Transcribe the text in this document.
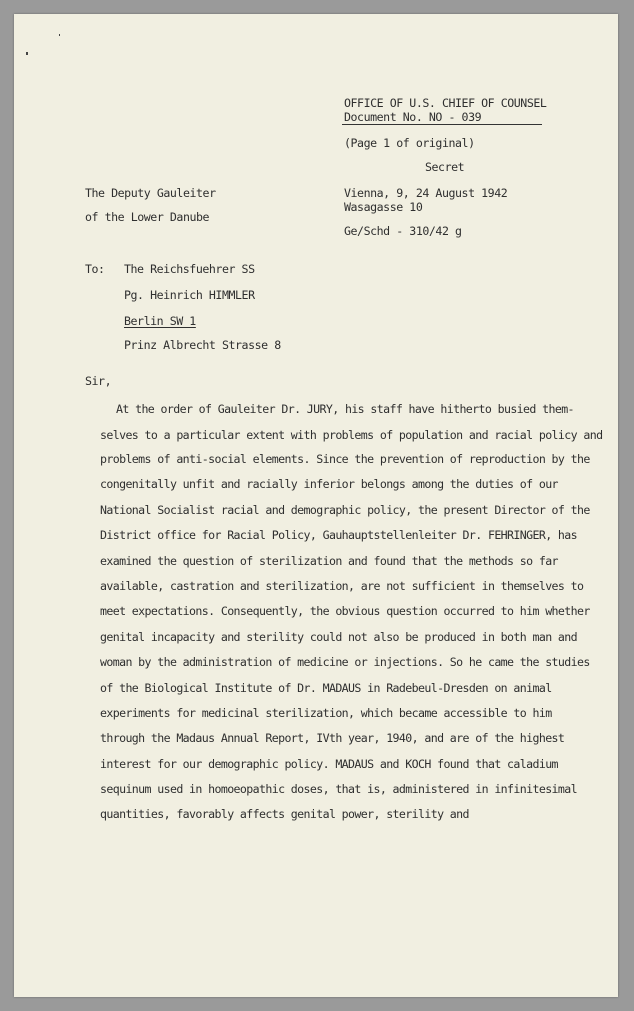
OFFICE OF U.S. CHIEF OF COUNSEL
Document No. NO - 039
(Page 1 of original)
Secret
The Deputy Gauleiter
of the Lower Danube
Vienna, 9, 24 August 1942
Wasagasse 10
Ge/Schd - 310/42 g
To: The Reichsfuehrer SS
Pg. Heinrich HIMMLER
Berlin SW 1
Prinz Albrecht Strasse 8
Sir,
At the order of Gauleiter Dr. JURY, his staff have hitherto busied them-
selves to a particular extent with problems of population and racial policy and
problems of anti-social elements. Since the prevention of reproduction by the
congenitally unfit and racially inferior belongs among the duties of our
National Socialist racial and demographic policy, the present Director of the
District office for Racial Policy, Gauhauptstellenleiter Dr. FEHRINGER, has
examined the question of sterilization and found that the methods so far
available, castration and sterilization, are not sufficient in themselves to
meet expectations. Consequently, the obvious question occurred to him whether
genital incapacity and sterility could not also be produced in both man and
woman by the administration of medicine or injections. So he came the studies
of the Biological Institute of Dr. MADAUS in Radebeul-Dresden on animal
experiments for medicinal sterilization, which became accessible to him
through the Madaus Annual Report, IVth year, 1940, and are of the highest
interest for our demographic policy. MADAUS and KOCH found that caladium
sequinum used in homoeopathic doses, that is, administered in infinitesimal
quantities, favorably affects genital power, sterility and
